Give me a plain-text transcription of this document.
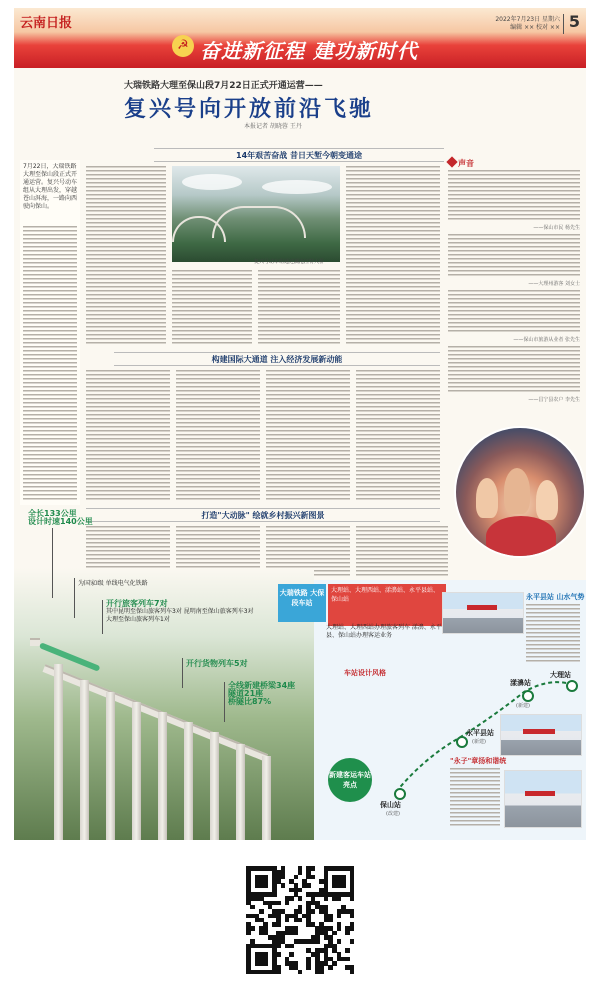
云南日报
☭ 奋进新征程 建功新时代
2022年7月23日 星期六
编辑 ×× 校对 ×× 5
大瑞铁路大理至保山段7月22日正式开通运营——
复兴号向开放前沿飞驰
本报记者 胡晓蓉 王丹
14年艰苦奋战 昔日天堑今朝变通途
7月22日，大瑞铁路大理至保山段正式开通运营。复兴号动车组从大理出发，穿越苍山洱海，一路向西驶向保山。
复兴号动车组通过澜沧江特大桥
声音
——保山市民 杨先生
——大理州游客 刘女士
——保山市旅游从业者 张先生
——昌宁县农户 李先生
构建国际大通道 注入经济发展新动能
打造"大动脉" 绘就乡村振兴新图景
全长133公里
设计时速140公里
为国家Ⅰ级 单线电气化铁路
开行旅客列车7对
其中昆明至保山旅客列车3对 昆明南至保山旅客列车3对 大理至保山旅客列车1对
开行货物列车5对
全线新建桥梁34座
隧道21座
桥隧比87%
大瑞铁路 大保段车站
大理站、大理西站、漾濞站、永平县站、保山站
大理站、大理西站办理旅客列车 漾濞、永平县、保山站办理客运业务
车站设计风格	大理站
漾濞站
(新建)
永平县站
(新建)
保山站
(改建)
新建客运车站亮点
永平县站 山水气势
"永子"章扬和谐统
